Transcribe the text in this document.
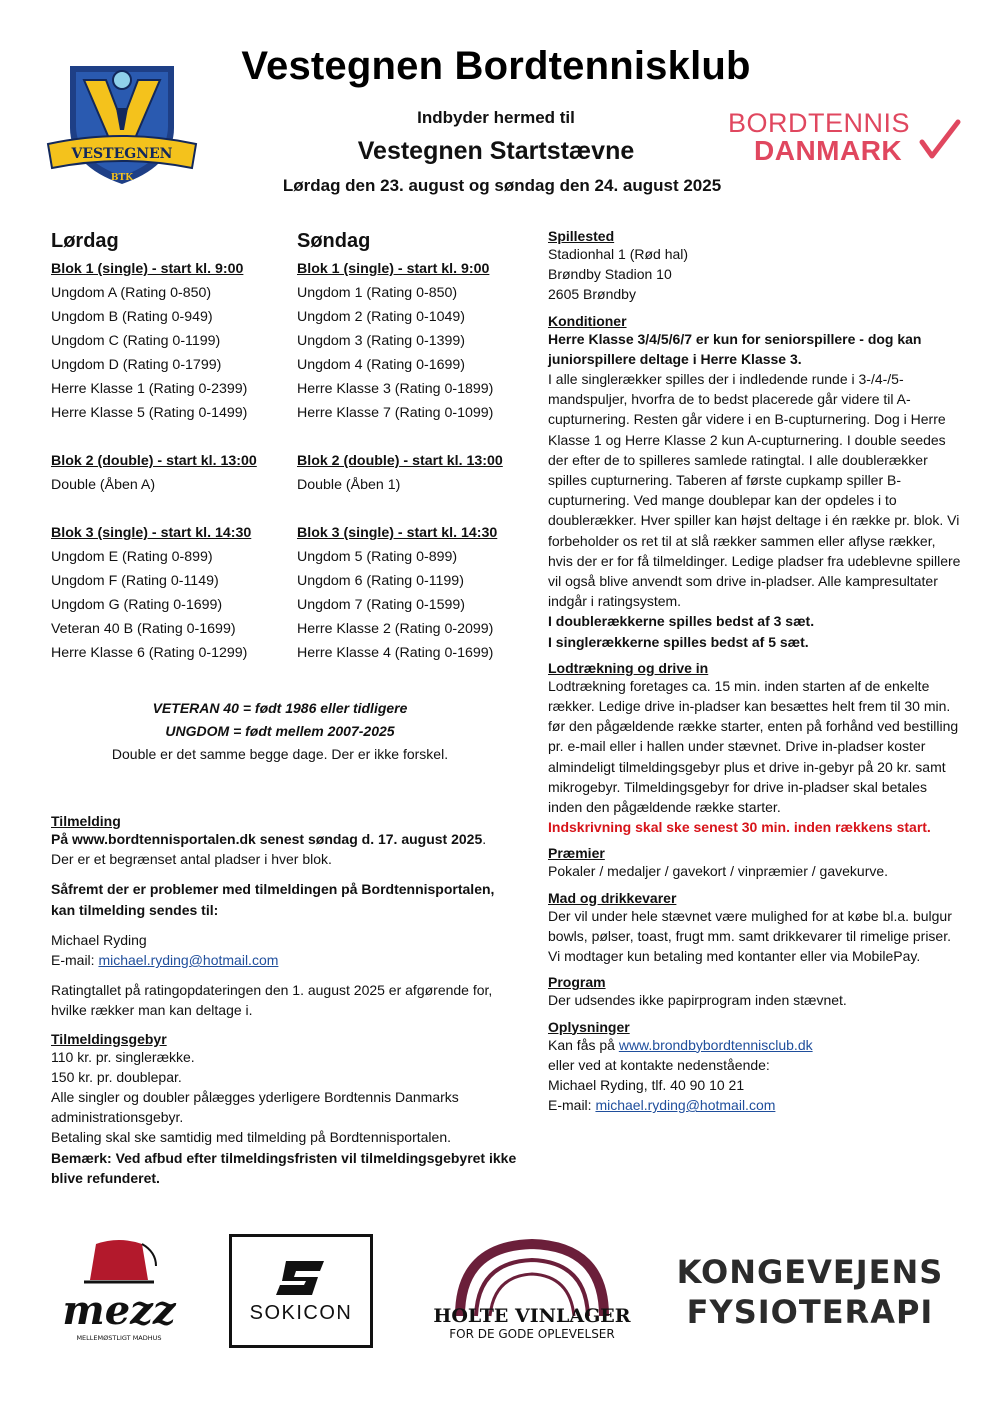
VESTEGNEN
BTK
BORDTENNIS
DANMARK
Vestegnen Bordtennisklub
Indbyder hermed til
Vestegnen Startstævne
Lørdag den 23. august og søndag den 24. august 2025
Lørdag
Blok 1 (single) - start kl. 9:00
Ungdom A (Rating 0-850)
Ungdom B (Rating 0-949)
Ungdom C (Rating 0-1199)
Ungdom D (Rating 0-1799)
Herre Klasse 1 (Rating 0-2399)
Herre Klasse 5 (Rating 0-1499)
Blok 2 (double) - start kl. 13:00
Double (Åben A)
Blok 3 (single) - start kl. 14:30
Ungdom E (Rating 0-899)
Ungdom F (Rating 0-1149)
Ungdom G (Rating 0-1699)
Veteran 40 B (Rating 0-1699)
Herre Klasse 6 (Rating 0-1299)
Søndag
Blok 1 (single) - start kl. 9:00
Ungdom 1 (Rating 0-850)
Ungdom 2 (Rating 0-1049)
Ungdom 3 (Rating 0-1399)
Ungdom 4 (Rating 0-1699)
Herre Klasse 3 (Rating 0-1899)
Herre Klasse 7 (Rating 0-1099)
Blok 2 (double) - start kl. 13:00
Double (Åben 1)
Blok 3 (single) - start kl. 14:30
Ungdom 5 (Rating 0-899)
Ungdom 6 (Rating 0-1199)
Ungdom 7 (Rating 0-1599)
Herre Klasse 2 (Rating 0-2099)
Herre Klasse 4 (Rating 0-1699)
VETERAN 40 = født 1986 eller tidligere
UNGDOM = født mellem 2007-2025
Double er det samme begge dage. Der er ikke forskel.
Tilmelding
På www.bordtennisportalen.dk senest søndag d. 17. august 2025.
Der er et begrænset antal pladser i hver blok.
Såfremt der er problemer med tilmeldingen på Bordtennisportalen, kan tilmelding sendes til:
Michael Ryding
E-mail: michael.ryding@hotmail.com
Ratingtallet på ratingopdateringen den 1. august 2025 er afgørende for, hvilke rækker man kan deltage i.
Tilmeldingsgebyr
110 kr. pr. singlerække.
150 kr. pr. doublepar.
Alle singler og doubler pålægges yderligere Bordtennis Danmarks administrationsgebyr.
Betaling skal ske samtidig med tilmelding på Bordtennisportalen.
Bemærk: Ved afbud efter tilmeldingsfristen vil tilmeldingsgebyret ikke blive refunderet.
Spillested
Stadionhal 1 (Rød hal)
Brøndby Stadion 10
2605 Brøndby
Konditioner
Herre Klasse 3/4/5/6/7 er kun for seniorspillere - dog kan juniorspillere deltage i Herre Klasse 3.
I alle singlerækker spilles der i indledende runde i 3-/4-/5-mandspuljer, hvorfra de to bedst placerede går videre til A-cupturnering. Resten går videre i en B-cupturnering. Dog i Herre Klasse 1 og Herre Klasse 2 kun A-cupturnering. I double seedes der efter de to spilleres samlede ratingtal. I alle doublerækker spilles cupturnering. Taberen af første cupkamp spiller B-cupturnering. Ved mange doublepar kan der opdeles i to doublerækker. Hver spiller kan højst deltage i én række pr. blok. Vi forbeholder os ret til at slå rækker sammen eller aflyse rækker, hvis der er for få tilmeldinger. Ledige pladser fra udeblevne spillere vil også blive anvendt som drive in-pladser. Alle kampresultater indgår i ratingsystem.
I doublerækkerne spilles bedst af 3 sæt.
I singlerækkerne spilles bedst af 5 sæt.
Lodtrækning og drive in
Lodtrækning foretages ca. 15 min. inden starten af de enkelte rækker. Ledige drive in-pladser kan besættes helt frem til 30 min. før den pågældende række starter, enten på forhånd ved bestilling pr. e-mail eller i hallen under stævnet. Drive in-pladser koster almindeligt tilmeldingsgebyr plus et drive in-gebyr på 20 kr. samt mikrogebyr. Tilmeldingsgebyr for drive in-pladser skal betales inden den pågældende række starter.
Indskrivning skal ske senest 30 min. inden rækkens start.
Præmier
Pokaler / medaljer / gavekort / vinpræmier / gavekurve.
Mad og drikkevarer
Der vil under hele stævnet være mulighed for at købe bl.a. bulgur bowls, pølser, toast, frugt mm. samt drikkevarer til rimelige priser.
Vi modtager kun betaling med kontanter eller via MobilePay.
Program
Der udsendes ikke papirprogram inden stævnet.
Oplysninger
Kan fås på www.brondbybordtennisclub.dk
eller ved at kontakte nedenstående:
Michael Ryding, tlf. 40 90 10 21
E-mail: michael.ryding@hotmail.com
mezz
MELLEMØSTLIGT MADHUS
SOKICON	HOLTE VINLAGER
FOR DE GODE OPLEVELSER
KONGEVEJENS
FYSIOTERAPI
